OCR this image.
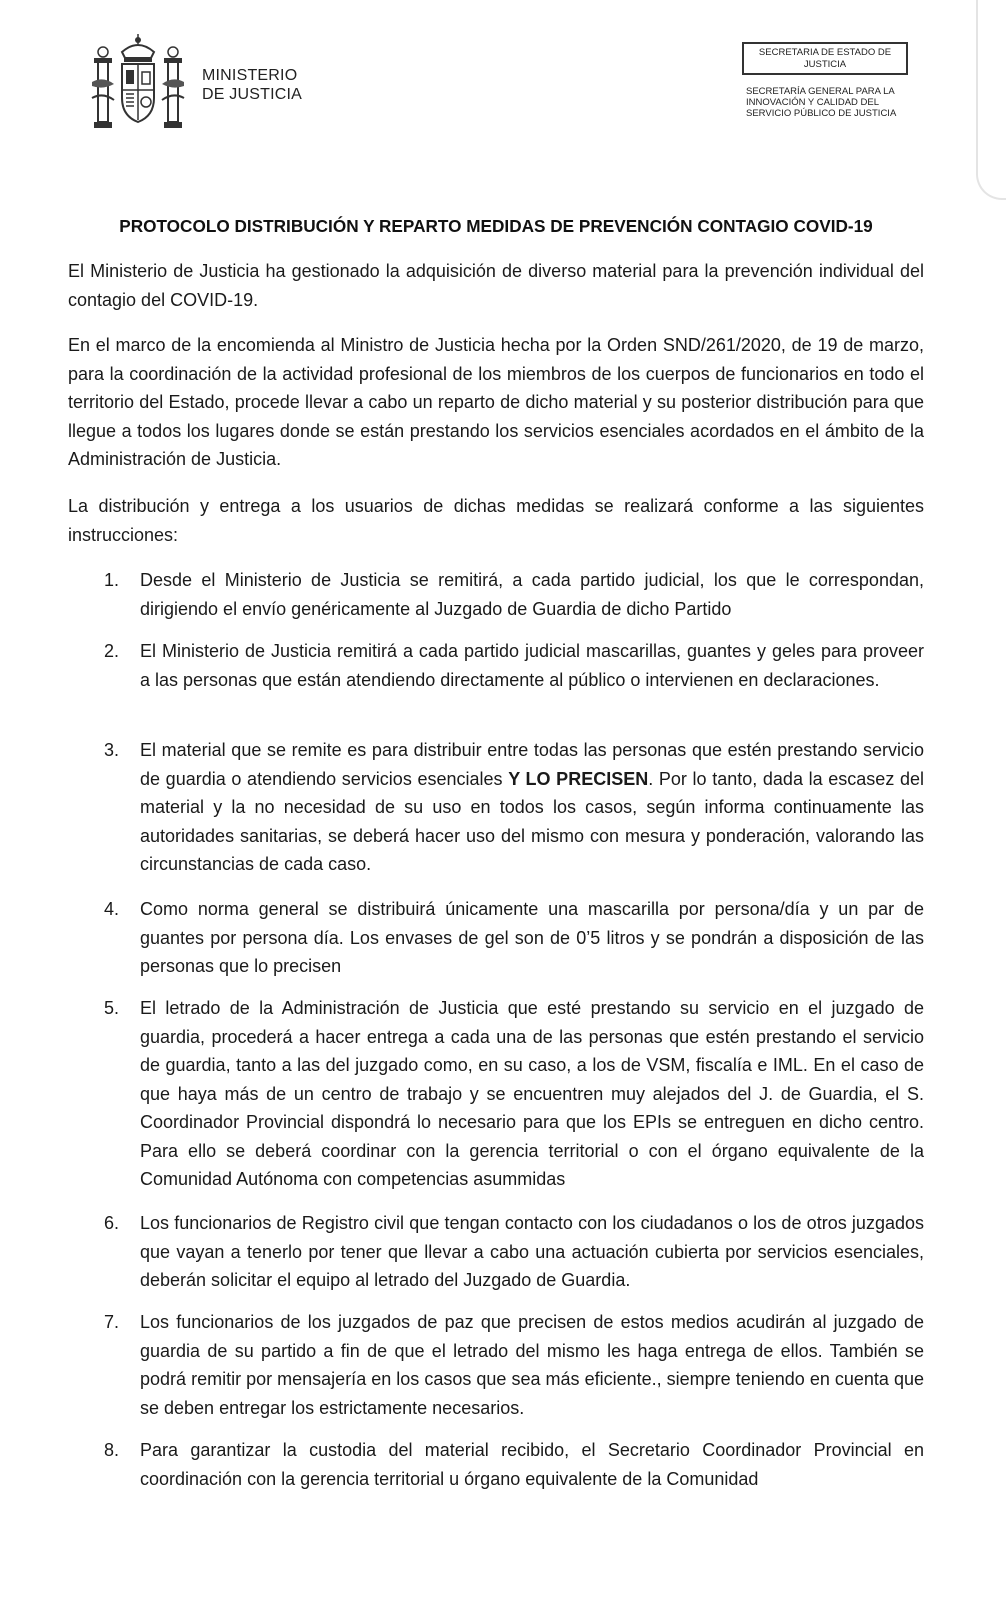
MINISTERIO
DE JUSTICIA
SECRETARIA DE ESTADO DE
JUSTICIA
SECRETARÍA GENERAL PARA LA
INNOVACIÓN Y CALIDAD DEL
SERVICIO PÚBLICO DE JUSTICIA
PROTOCOLO DISTRIBUCIÓN Y REPARTO MEDIDAS DE PREVENCIÓN CONTAGIO COVID-19

El Ministerio de Justicia ha gestionado la adquisición de diverso material para la prevención individual del contagio del COVID-19.

En el marco de la encomienda al Ministro de Justicia hecha por la Orden SND/261/2020, de 19 de marzo, para la coordinación de la actividad profesional de los miembros de los cuerpos de funcionarios en todo el territorio del Estado, procede llevar a cabo un reparto de dicho material y su posterior distribución para que llegue a todos los lugares donde se están prestando los servicios esenciales acordados en el ámbito de la Administración de Justicia.

La distribución y entrega a los usuarios de dichas medidas se realizará conforme a las siguientes instrucciones:

1.	Desde el Ministerio de Justicia se remitirá, a cada partido judicial, los que le correspondan, dirigiendo el envío genéricamente al Juzgado de Guardia de dicho Partido

2.	El Ministerio de Justicia remitirá a cada partido judicial mascarillas, guantes y geles para proveer a las personas que están atendiendo directamente al público o intervienen en declaraciones.

3.	El material que se remite es para distribuir entre todas las personas que estén prestando servicio de guardia o atendiendo servicios esenciales Y LO PRECISEN. Por lo tanto, dada la escasez del material y la no necesidad de su uso en todos los casos, según informa continuamente las autoridades sanitarias, se deberá hacer uso del mismo con mesura y ponderación, valorando las circunstancias de cada caso.

4.	Como norma general se distribuirá únicamente una mascarilla por persona/día y un par de guantes por persona día. Los envases de gel son de 0’5 litros y se pondrán a disposición de las personas que lo precisen

5.	El letrado de la Administración de Justicia que esté prestando su servicio en el juzgado de guardia, procederá a hacer entrega a cada una de las personas que estén prestando el servicio de guardia, tanto a las del juzgado como, en su caso, a los de VSM, fiscalía e IML. En el caso de que haya más de un centro de trabajo y se encuentren muy alejados del J. de Guardia, el S. Coordinador Provincial dispondrá lo necesario para que los EPIs se entreguen en dicho centro. Para ello se deberá coordinar con la gerencia territorial o con el órgano equivalente de la Comunidad Autónoma con competencias asummidas

6.	Los funcionarios de Registro civil que tengan contacto con los ciudadanos o los de otros juzgados que vayan a tenerlo por tener que llevar a cabo una actuación cubierta por servicios esenciales, deberán solicitar el equipo al letrado del Juzgado de Guardia.

7.	Los funcionarios de los juzgados de paz que precisen de estos medios acudirán al juzgado de guardia de su partido a fin de que el letrado del mismo les haga entrega de ellos. También se podrá remitir por mensajería en los casos que sea más eficiente., siempre teniendo en cuenta que se deben entregar los estrictamente necesarios.

8.	Para garantizar la custodia del material recibido, el Secretario Coordinador Provincial en coordinación con la gerencia territorial u órgano equivalente de la Comunidad
